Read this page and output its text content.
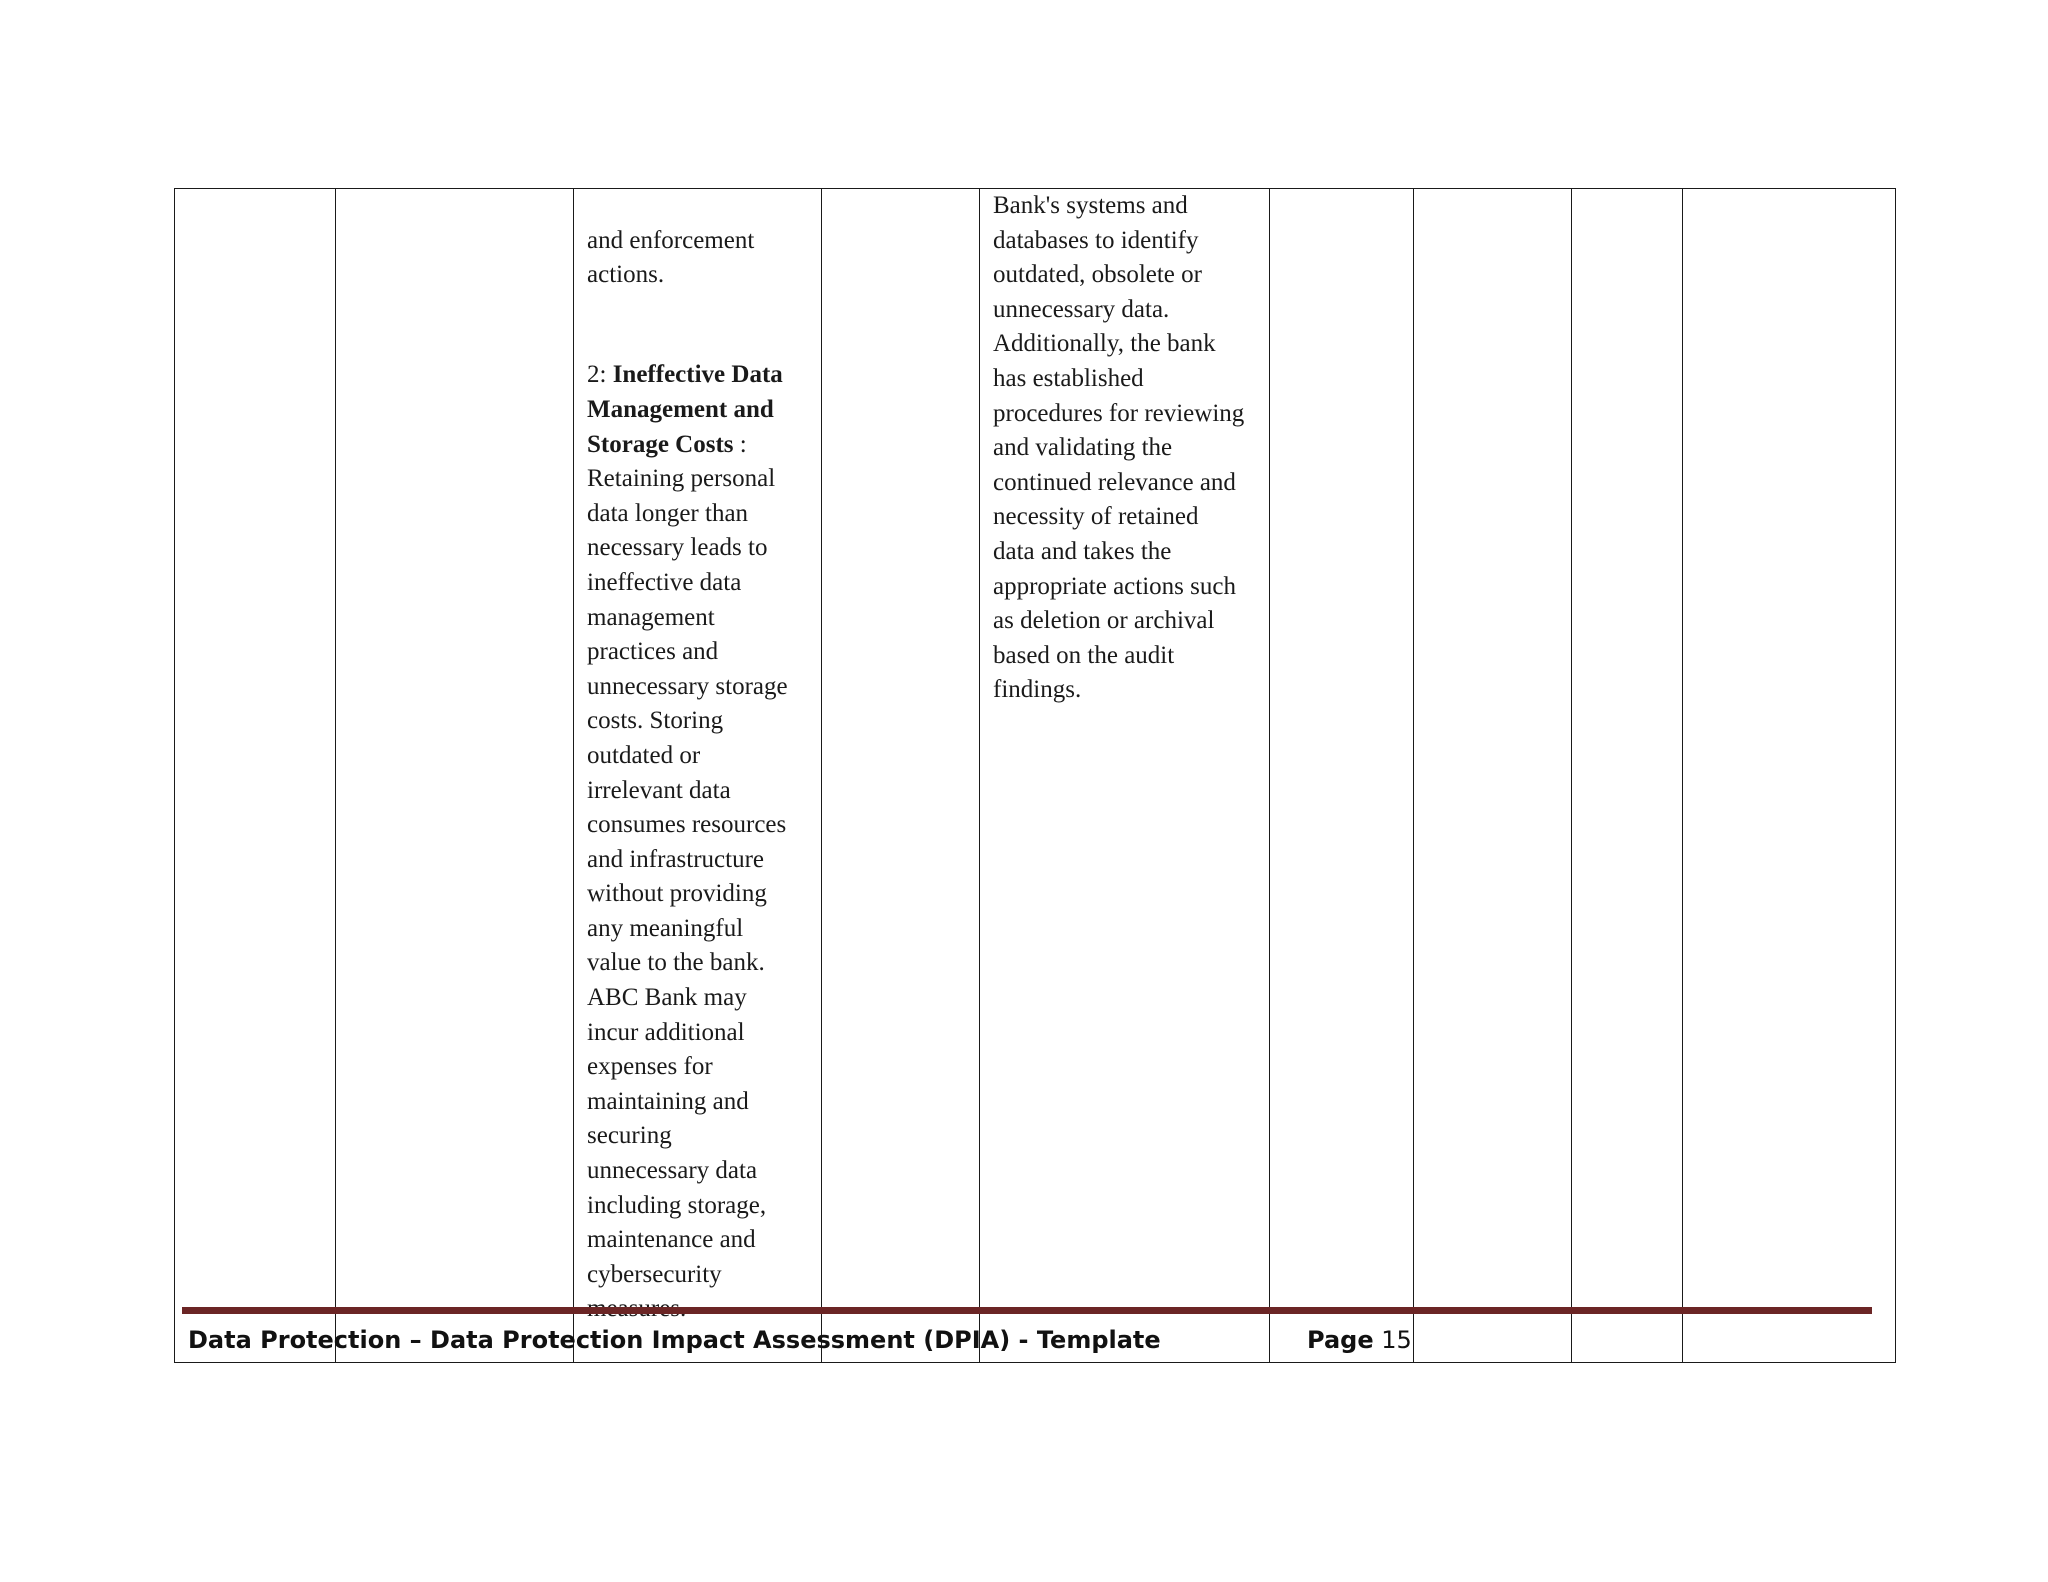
and enforcement
actions.

2: Ineffective Data
Management and
Storage Costs :
Retaining personal
data longer than
necessary leads to
ineffective data
management
practices and
unnecessary storage
costs. Storing
outdated or
irrelevant data
consumes resources
and infrastructure
without providing
any meaningful
value to the bank.
ABC Bank may
incur additional
expenses for
maintaining and
securing
unnecessary data
including storage,
maintenance and
cybersecurity

Bank's systems and
databases to identify
outdated, obsolete or
unnecessary data.
Additionally, the bank
has established
procedures for reviewing
and validating the
continued relevance and
necessity of retained
data and takes the
appropriate actions such
as deletion or archival
based on the audit
findings.

Data Protection – Data Protection Impact Assessment (DPIA) - Template	Page 15
